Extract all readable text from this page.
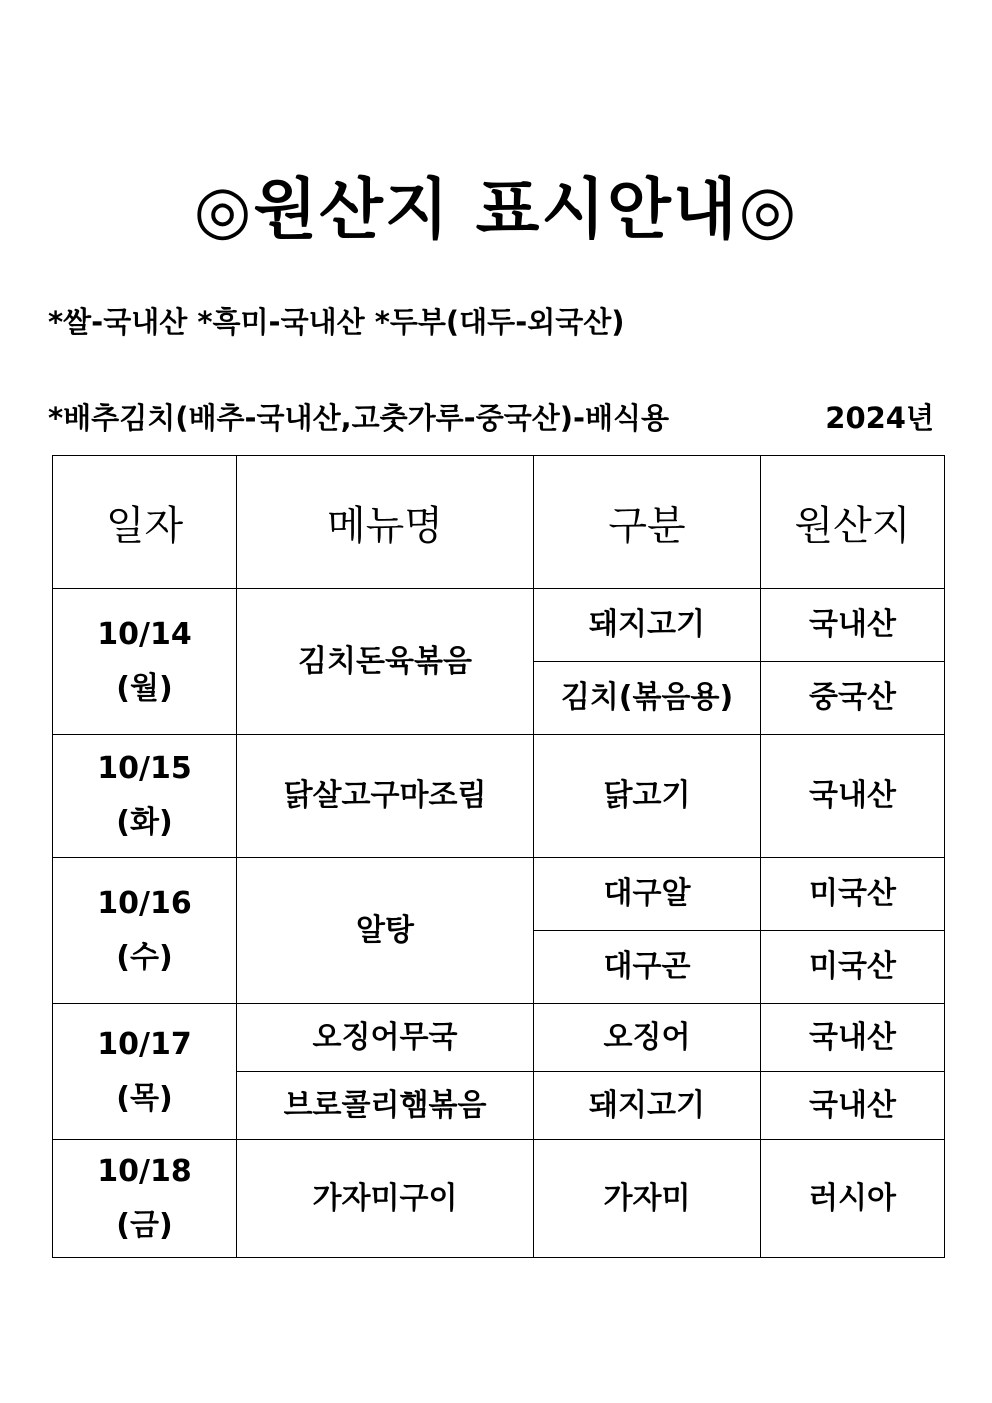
◎원산지 표시안내◎
*쌀-국내산 *흑미-국내산 *두부(대두-외국산)
*배추김치(배추-국내산,고춧가루-중국산)-배식용	2024년
일자	메뉴명	구분	원산지

10/14
(월)	김치돈육볶음	돼지고기	국내산
		김치(볶음용)	중국산

10/15
(화)	닭살고구마조림	닭고기	국내산

10/16
(수)	알탕	대구알	미국산
		대구곤	미국산

10/17
(목)	오징어무국	오징어	국내산
	브로콜리햄볶음	돼지고기	국내산

10/18
(금)	가자미구이	가자미	러시아
